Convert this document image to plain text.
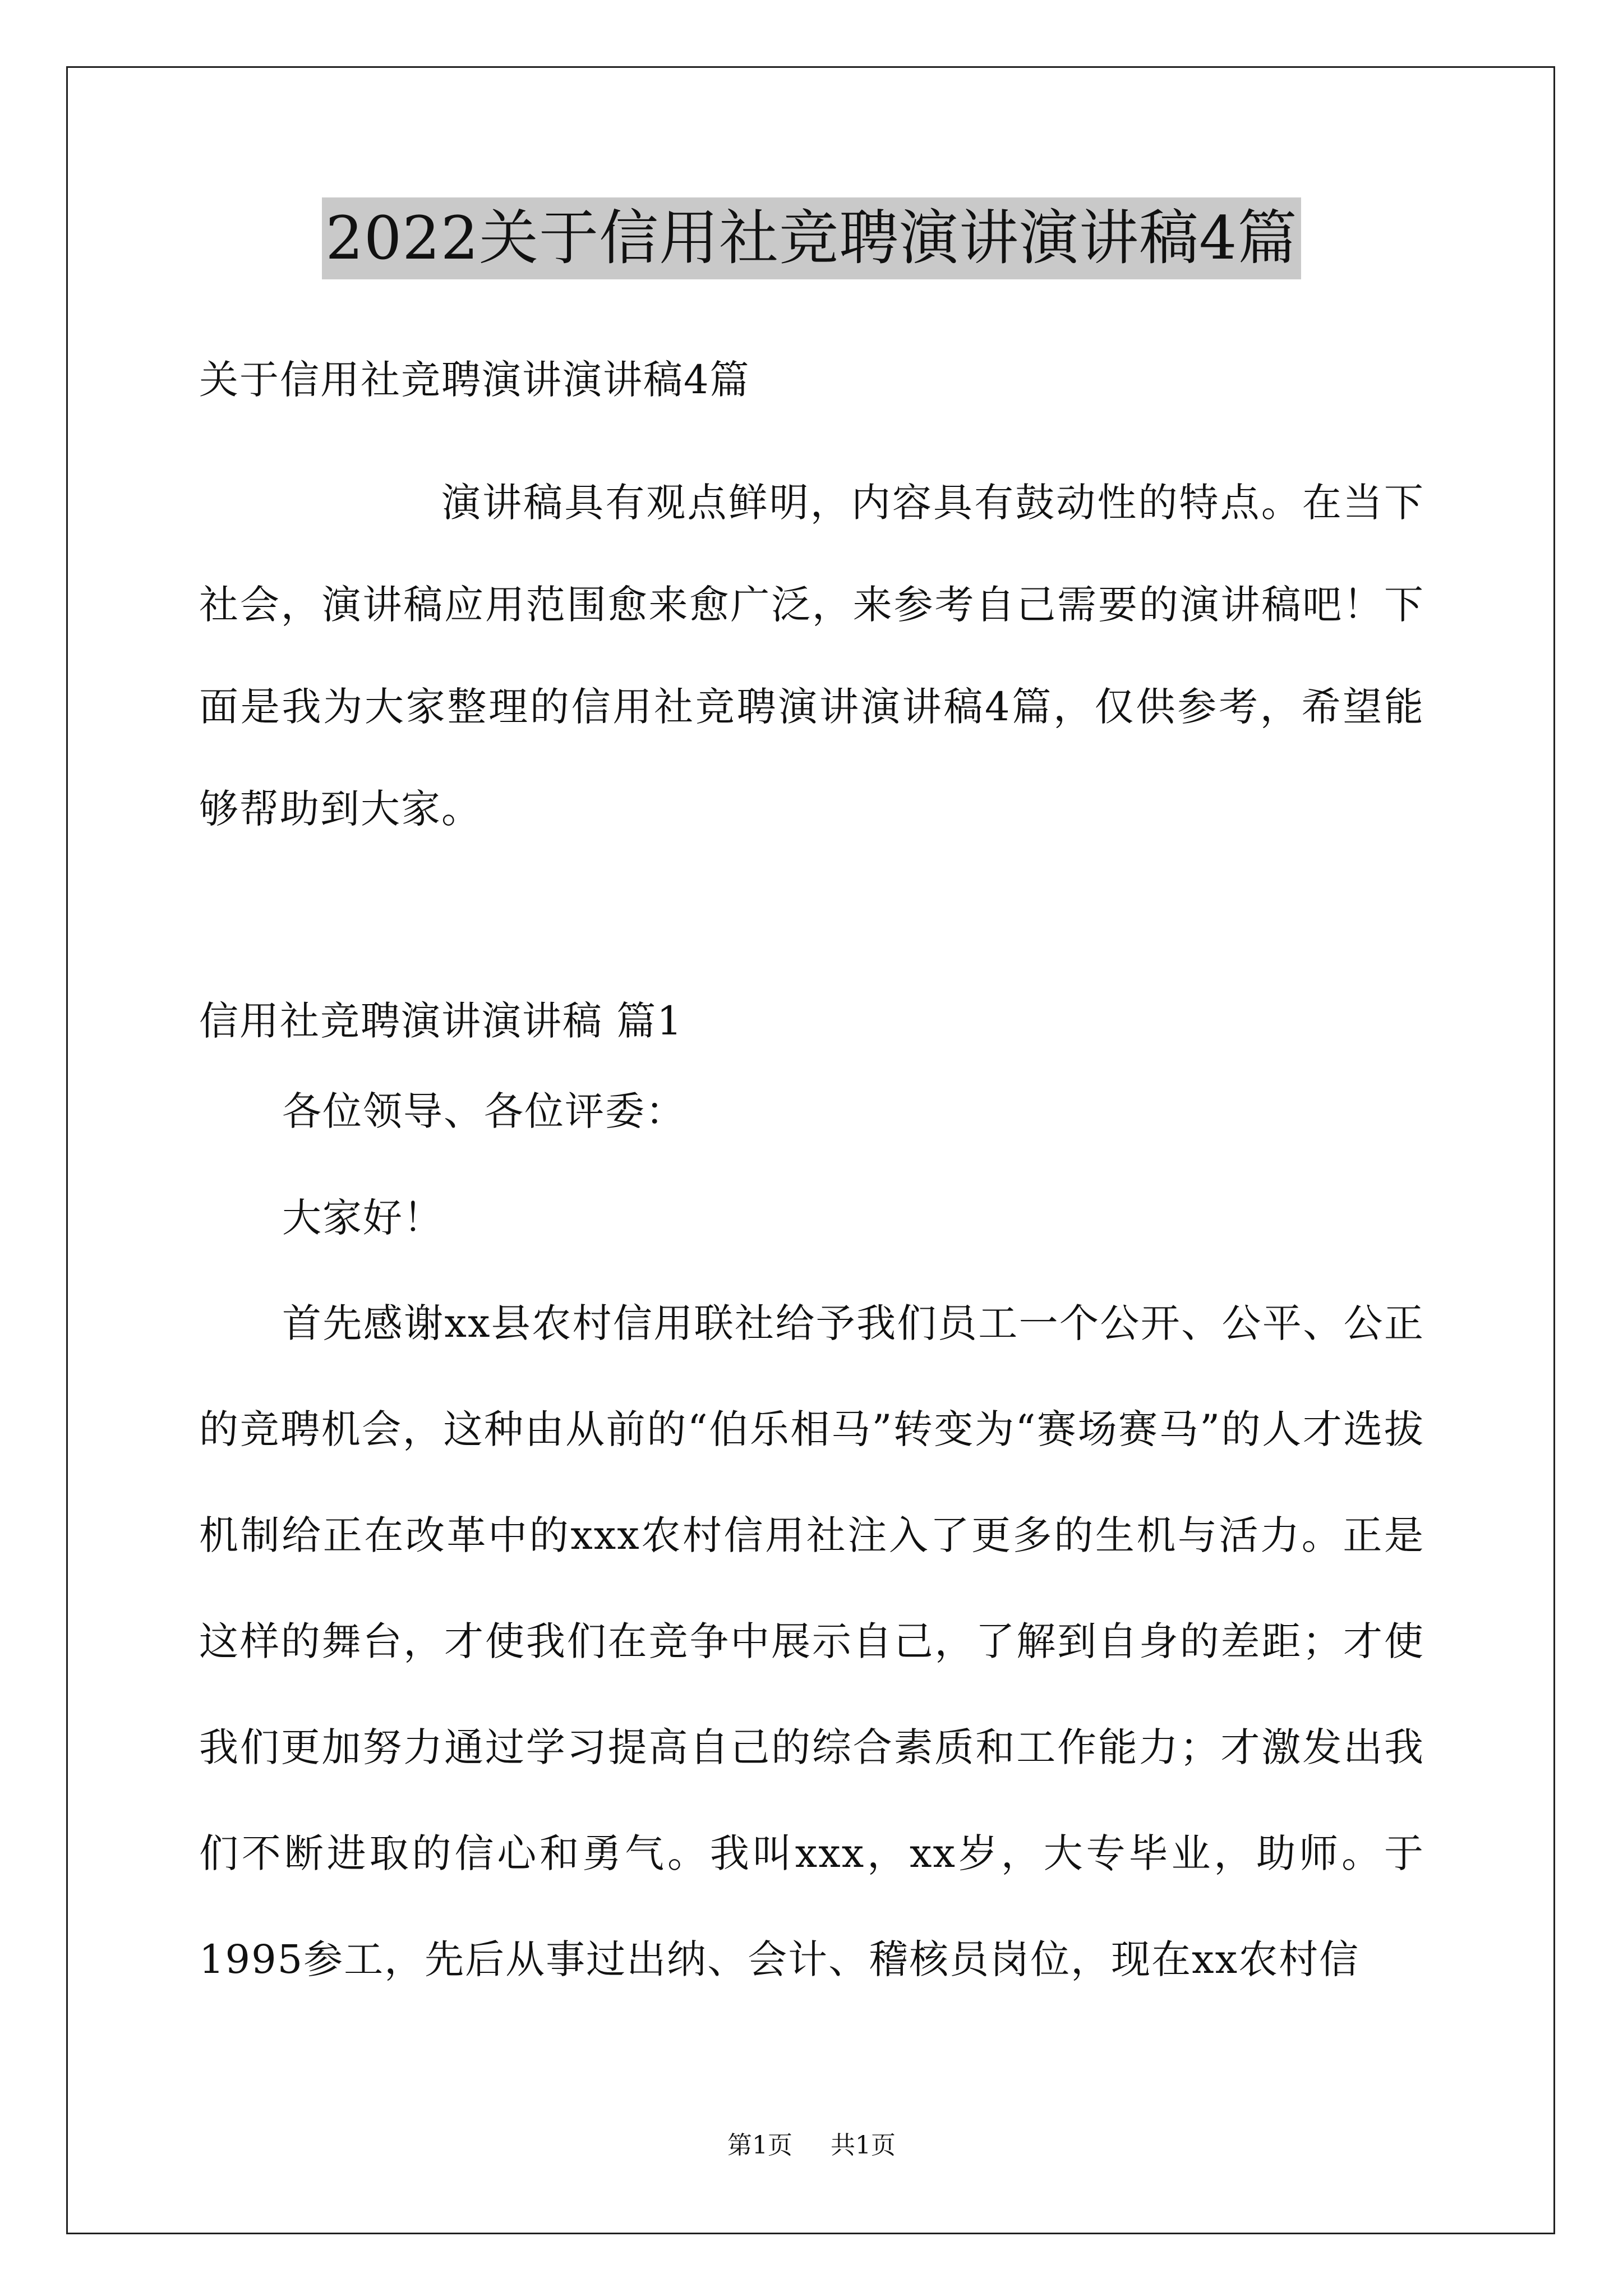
2022关于信用社竞聘演讲演讲稿4篇
关于信用社竞聘演讲演讲稿4篇
演讲稿具有观点鲜明，内容具有鼓动性的特点。在当下社会，演讲稿应用范围愈来愈广泛，来参考自己需要的演讲稿吧！下面是我为大家整理的信用社竞聘演讲演讲稿4篇，仅供参考，希望能够帮助到大家。
信用社竞聘演讲演讲稿 篇1
各位领导、各位评委：
大家好！
首先感谢xx县农村信用联社给予我们员工一个公开、公平、公正的竞聘机会，这种由从前的“伯乐相马”转变为“赛场赛马”的人才选拔机制给正在改革中的xxx农村信用社注入了更多的生机与活力。正是这样的舞台，才使我们在竞争中展示自己，了解到自身的差距；才使我们更加努力通过学习提高自己的综合素质和工作能力；才激发出我们不断进取的信心和勇气。我叫xxx，xx岁，大专毕业，助师。于1995参工，先后从事过出纳、会计、稽核员岗位，现在xx农村信
第1页 共1页
